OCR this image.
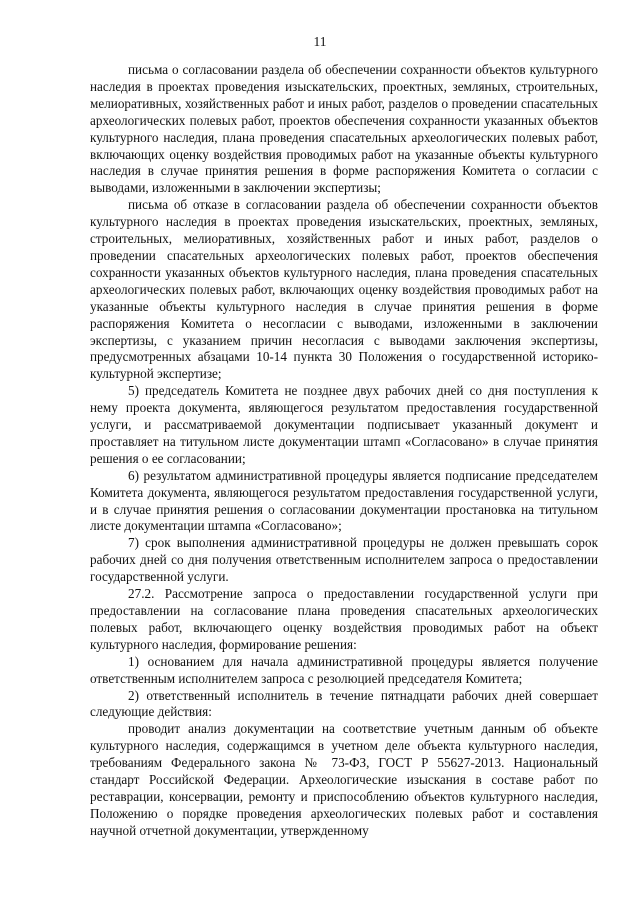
11

письма о согласовании раздела об обеспечении сохранности объектов культурного наследия в проектах проведения изыскательских, проектных, земляных, строительных, мелиоративных, хозяйственных работ и иных работ, разделов о проведении спасательных археологических полевых работ, проектов обеспечения сохранности указанных объектов культурного наследия, плана проведения спасательных археологических полевых работ, включающих оценку воздействия проводимых работ на указанные объекты культурного наследия в случае принятия решения в форме распоряжения Комитета о согласии с выводами, изложенными в заключении экспертизы;

письма об отказе в согласовании раздела об обеспечении сохранности объектов культурного наследия в проектах проведения изыскательских, проектных, земляных, строительных, мелиоративных, хозяйственных работ и иных работ, разделов о проведении спасательных археологических полевых работ, проектов обеспечения сохранности указанных объектов культурного наследия, плана проведения спасательных археологических полевых работ, включающих оценку воздействия проводимых работ на указанные объекты культурного наследия в случае принятия решения в форме распоряжения Комитета о несогласии с выводами, изложенными в заключении экспертизы, с указанием причин несогласия с выводами заключения экспертизы, предусмотренных абзацами 10-14 пункта 30 Положения о государственной историко-культурной экспертизе;

5) председатель Комитета не позднее двух рабочих дней со дня поступления к нему проекта документа, являющегося результатом предоставления государственной услуги, и рассматриваемой документации подписывает указанный документ и проставляет на титульном листе документации штамп «Согласовано» в случае принятия решения о ее согласовании;

6) результатом административной процедуры является подписание председателем Комитета документа, являющегося результатом предоставления государственной услуги, и в случае принятия решения о согласовании документации простановка на титульном листе документации штампа «Согласовано»;

7) срок выполнения административной процедуры не должен превышать сорок рабочих дней со дня получения ответственным исполнителем запроса о предоставлении государственной услуги.

27.2. Рассмотрение запроса о предоставлении государственной услуги при предоставлении на согласование плана проведения спасательных археологических полевых работ, включающего оценку воздействия проводимых работ на объект культурного наследия, формирование решения:

1) основанием для начала административной процедуры является получение ответственным исполнителем запроса с резолюцией председателя Комитета;

2) ответственный исполнитель в течение пятнадцати рабочих дней совершает следующие действия:

проводит анализ документации на соответствие учетным данным об объекте культурного наследия, содержащимся в учетном деле объекта культурного наследия, требованиям Федерального закона № 73-ФЗ, ГОСТ Р 55627-2013. Национальный стандарт Российской Федерации. Археологические изыскания в составе работ по реставрации, консервации, ремонту и приспособлению объектов культурного наследия, Положению о порядке проведения археологических полевых работ и составления научной отчетной документации, утвержденному
